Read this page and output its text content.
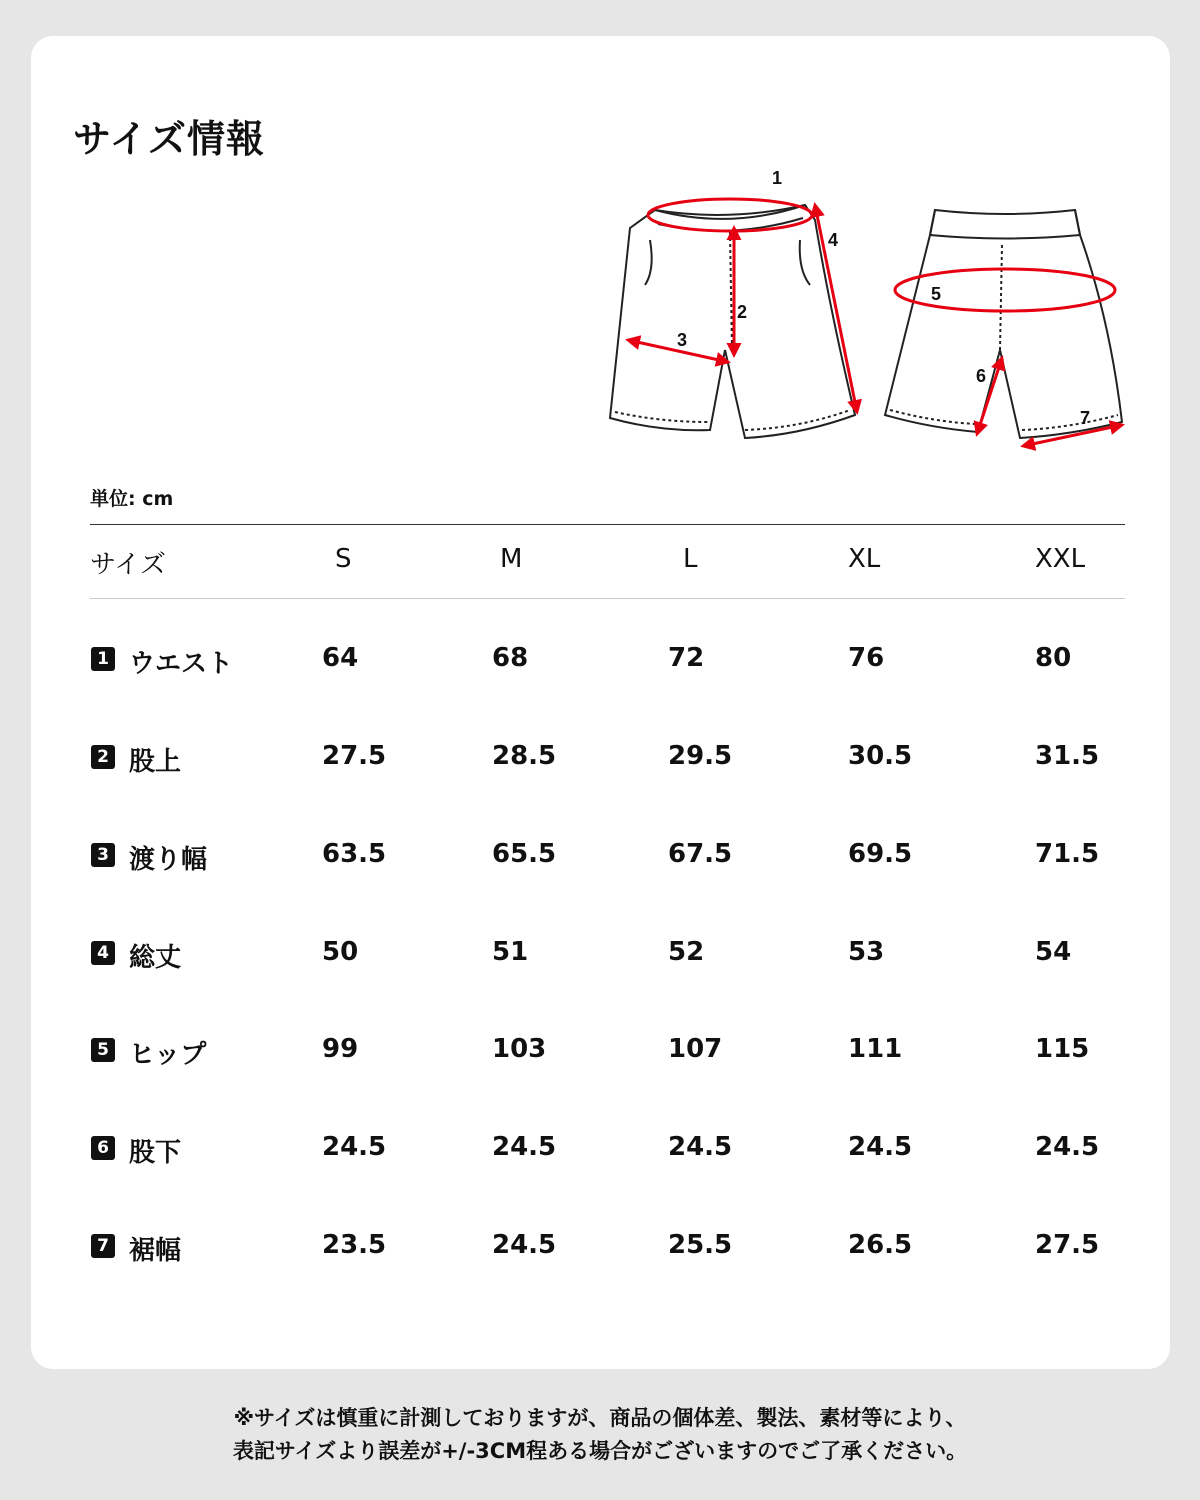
サイズ情報
1
2
3
4
5
6
7
単位: cm
サイズ	S	M	L	XL	XXL
1 ウエスト	64	68	72	76	80
2 股上	27.5	28.5	29.5	30.5	31.5
3 渡り幅	63.5	65.5	67.5	69.5	71.5
4 総丈	50	51	52	53	54
5 ヒップ	99	103	107	111	115
6 股下	24.5	24.5	24.5	24.5	24.5
7 裾幅	23.5	24.5	25.5	26.5	27.5
※サイズは慎重に計測しておりますが、商品の個体差、製法、素材等により、
表記サイズより誤差が+/-3CM程ある場合がございますのでご了承ください。
